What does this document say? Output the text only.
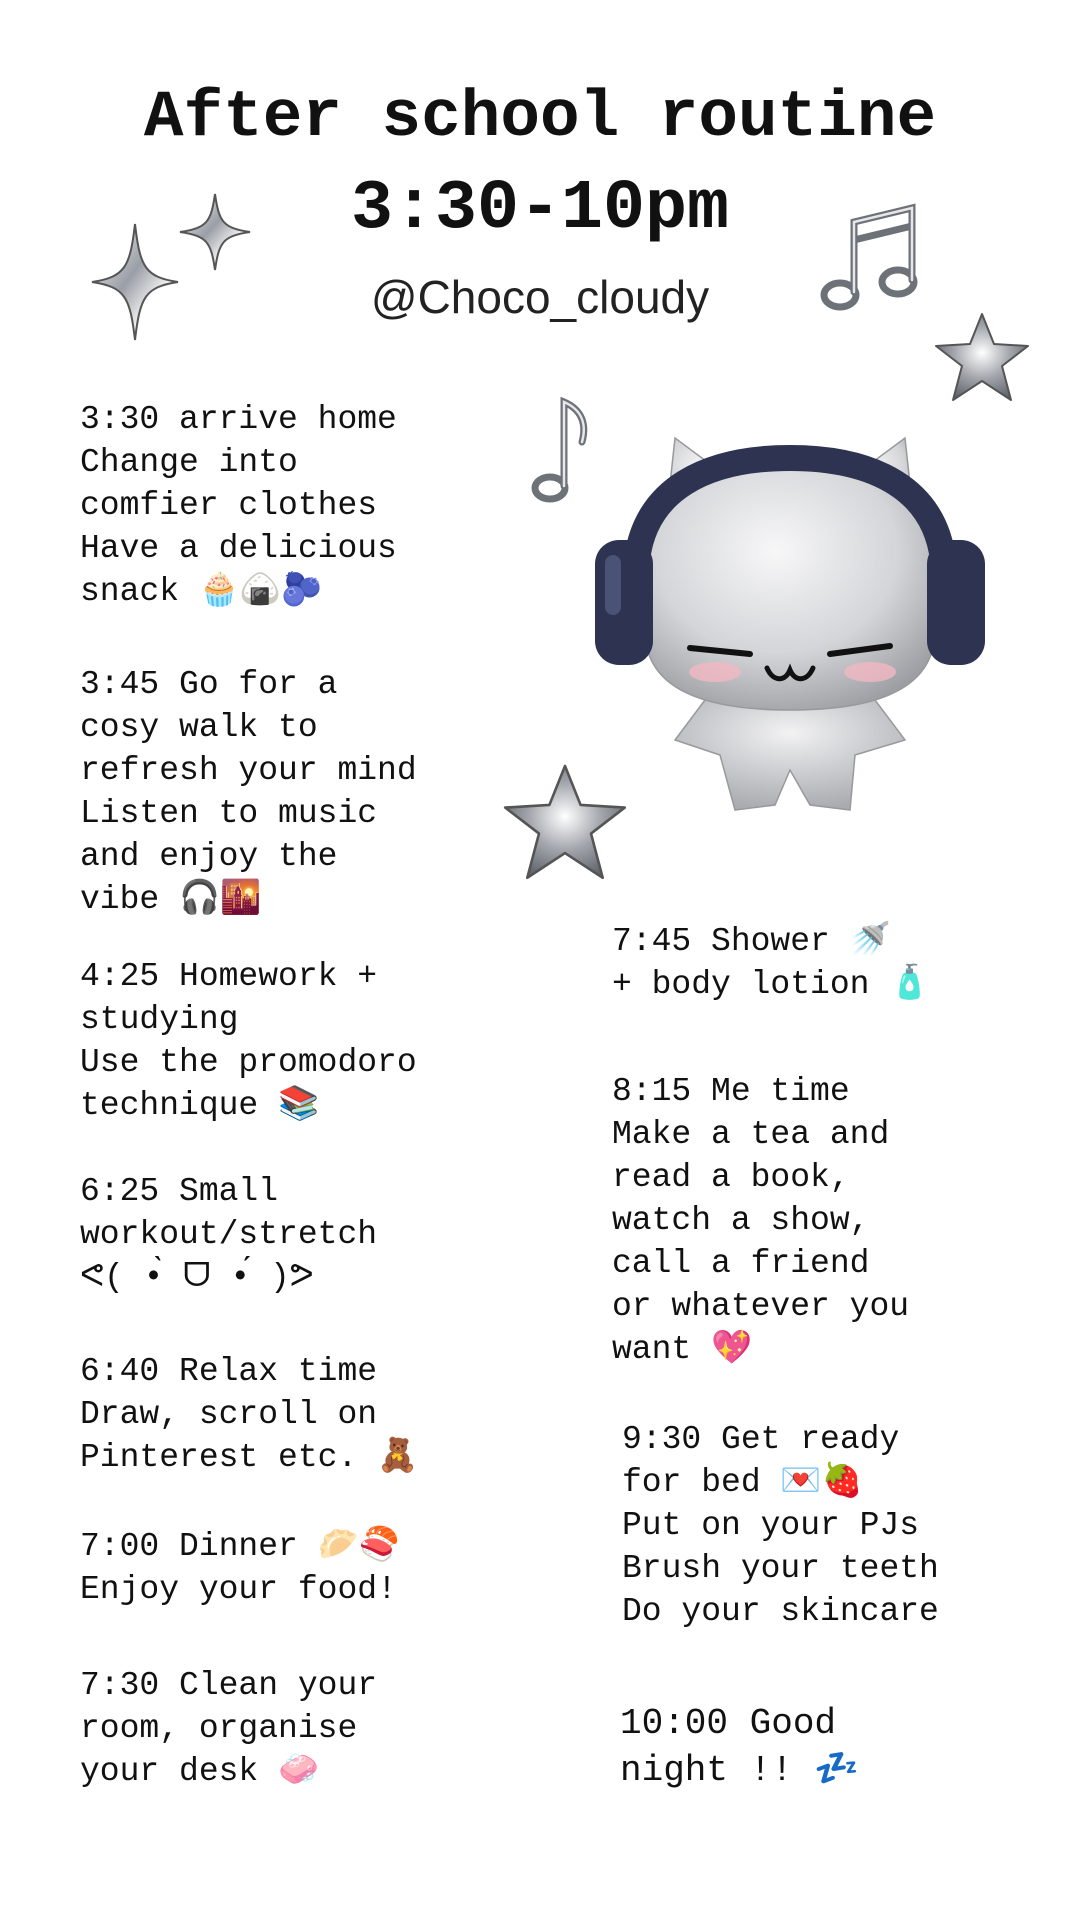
After school routine
3:30-10pm
@Choco_cloudy
3:30 arrive home
Change into
comfier clothes
Have a delicious
snack 🧁🍙🫐
3:45 Go for a
cosy walk to
refresh your mind
Listen to music
and enjoy the
vibe 🎧🌇
4:25 Homework +
studying
Use the promodoro
technique 📚
6:25 Small
workout/stretch
ᕙ( •̀ ᗜ •́ )ᕗ
6:40 Relax time
Draw, scroll on
Pinterest etc. 🧸
7:00 Dinner 🥟🍣
Enjoy your food!
7:30 Clean your
room, organise
your desk 🧼
7:45 Shower 🚿
+ body lotion 🧴
8:15 Me time
Make a tea and
read a book,
watch a show,
call a friend
or whatever you
want 💖
9:30 Get ready
for bed 💌🍓
Put on your PJs
Brush your teeth
Do your skincare
10:00 Good
night !! 💤
